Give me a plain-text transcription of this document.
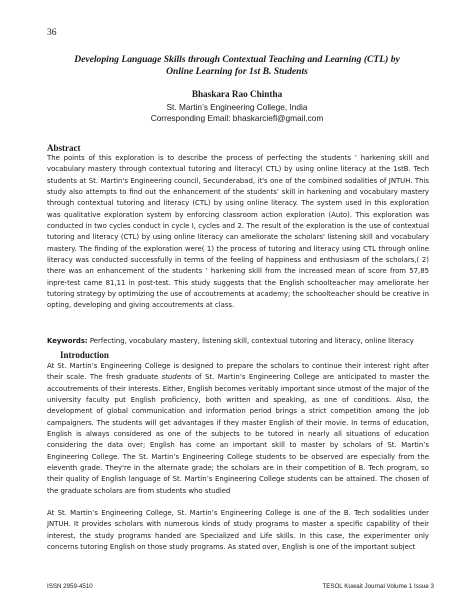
36
Developing Language Skills through Contextual Teaching and Learning (CTL) by Online Learning for 1st B. Students
Bhaskara Rao Chintha
St. Martin’s Engineering College, India
Corresponding Email: bhaskarciefl@gmail.com
Abstract

The points of this exploration is to describe the process of perfecting the students ’ harkening skill and vocabulary mastery through contextual tutoring and literacy( CTL) by using online literacy at the 1stB. Tech students at St. Martin's Engineering council, Secunderabad, it's one of the combined sodalities of JNTUH. This study also attempts to find out the enhancement of the students’ skill in harkening and vocabulary mastery through contextual tutoring and literacy (CTL) by using online literacy. The system used in this exploration was qualitative exploration system by enforcing classroom action exploration (Auto). This exploration was conducted in two cycles conduct in cycle I, cycles and 2. The result of the exploration is the use of contextual tutoring and literacy (CTL) by using online literacy can ameliorate the scholars' listening skill and vocabulary mastery. The finding of the exploration were( 1) the process of tutoring and literacy using CTL through online literacy was conducted successfully in terms of the feeling of happiness and enthusiasm of the scholars,( 2) there was an enhancement of the students ’ harkening skill from the increased mean of score from 57,85 inpre-test came 81,11 in post-test. This study suggests that the English schoolteacher may ameliorate her tutoring strategy by optimizing the use of accoutrements at academy; the schoolteacher should be creative in opting, developing and giving accoutrements at class.

Keywords: Perfecting, vocabulary mastery, listening skill, contextual tutoring and literacy, online literacy
Introduction

At St. Martin’s Engineering College is designed to prepare the scholars to continue their interest right after their scale. The fresh graduate students of St. Martin’s Engineering College are anticipated to master the accoutrements of their interests. Either, English becomes veritably important since utmost of the major of the university faculty put English proficiency, both written and speaking, as one of conditions. Also, the development of global communication and information period brings a strict competition among the job campaigners. The students will get advantages if they master English of their movie. In terms of education, English is always considered as one of the subjects to be tutored in nearly all situations of education considering the data over; English has come an important skill to master by scholars of St. Martin’s Engineering College. The St. Martin’s Engineering College students to be observed are especially from the eleventh grade. They're in the alternate grade; the scholars are in their competition of B. Tech program, so their quality of English language of St. Martin’s Engineering College students can be attained. The chosen of the graduate scholars are from students who studied

At St. Martin’s Engineering College, St. Martin’s Engineering College is one of the B. Tech sodalities under JNTUH. It provides scholars with numerous kinds of study programs to master a specific capability of their interest, the study programs handed are Specialized and Life skills. In this case, the experimenter only concerns tutoring English on those study programs. As stated over, English is one of the important subject

ISSN 2959-4510	TESOL Kuwait Journal Volume 1 Issue 3
